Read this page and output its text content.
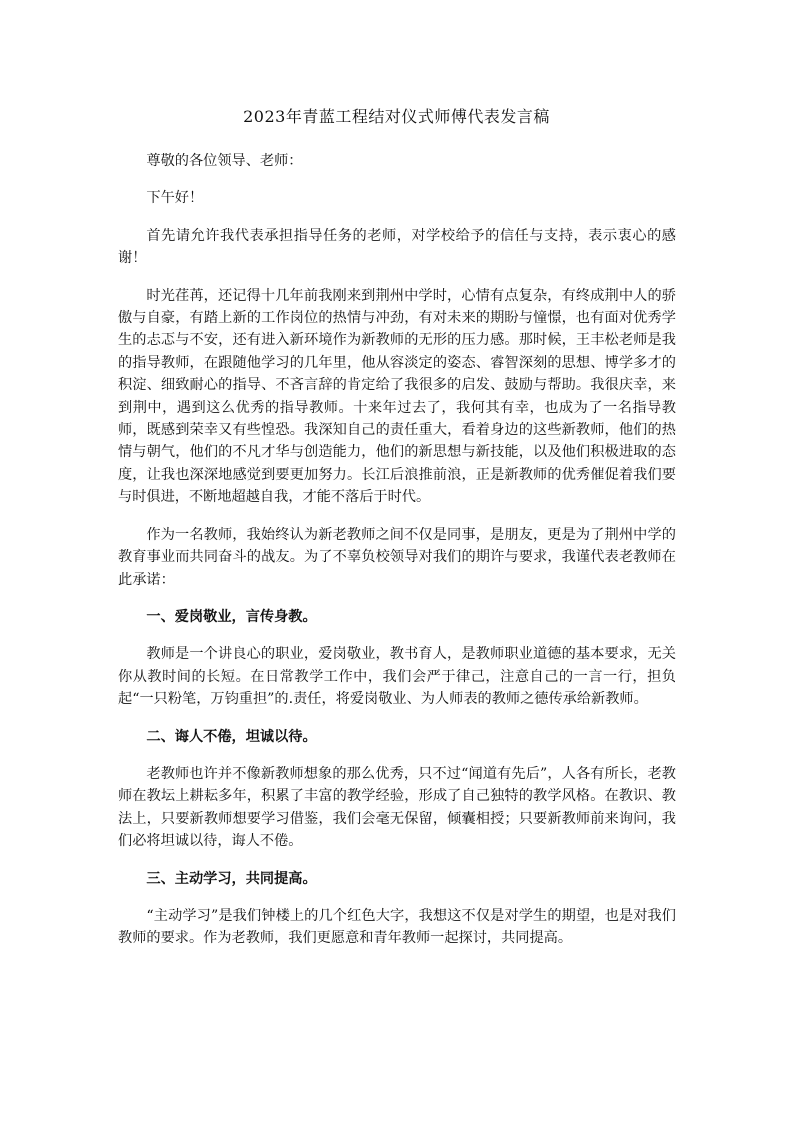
2023年青蓝工程结对仪式师傅代表发言稿

尊敬的各位领导、老师：

下午好！

首先请允许我代表承担指导任务的老师，对学校给予的信任与支持，表示衷心的感谢！

时光荏苒，还记得十几年前我刚来到荆州中学时，心情有点复杂，有终成荆中人的骄傲与自豪，有踏上新的工作岗位的热情与冲劲，有对未来的期盼与憧憬，也有面对优秀学生的忐忑与不安，还有进入新环境作为新教师的无形的压力感。那时候，王丰松老师是我的指导教师，在跟随他学习的几年里，他从容淡定的姿态、睿智深刻的思想、博学多才的积淀、细致耐心的指导、不吝言辞的肯定给了我很多的启发、鼓励与帮助。我很庆幸，来到荆中，遇到这么优秀的指导教师。十来年过去了，我何其有幸，也成为了一名指导教师，既感到荣幸又有些惶恐。我深知自己的责任重大，看着身边的这些新教师，他们的热情与朝气，他们的不凡才华与创造能力，他们的新思想与新技能，以及他们积极进取的态度，让我也深深地感觉到要更加努力。长江后浪推前浪，正是新教师的优秀催促着我们要与时俱进，不断地超越自我，才能不落后于时代。

作为一名教师，我始终认为新老教师之间不仅是同事，是朋友，更是为了荆州中学的教育事业而共同奋斗的战友。为了不辜负校领导对我们的期许与要求，我谨代表老教师在此承诺：

一、爱岗敬业，言传身教。

教师是一个讲良心的职业，爱岗敬业，教书育人，是教师职业道德的基本要求，无关你从教时间的长短。在日常教学工作中，我们会严于律己，注意自己的一言一行，担负起“一只粉笔，万钧重担”的.责任，将爱岗敬业、为人师表的教师之德传承给新教师。

二、诲人不倦，坦诚以待。

老教师也许并不像新教师想象的那么优秀，只不过“闻道有先后”，人各有所长，老教师在教坛上耕耘多年，积累了丰富的教学经验，形成了自己独特的教学风格。在教识、教法上，只要新教师想要学习借鉴，我们会毫无保留，倾囊相授；只要新教师前来询问，我们必将坦诚以待，诲人不倦。

三、主动学习，共同提高。

“主动学习”是我们钟楼上的几个红色大字，我想这不仅是对学生的期望，也是对我们教师的要求。作为老教师，我们更愿意和青年教师一起探讨，共同提高。
